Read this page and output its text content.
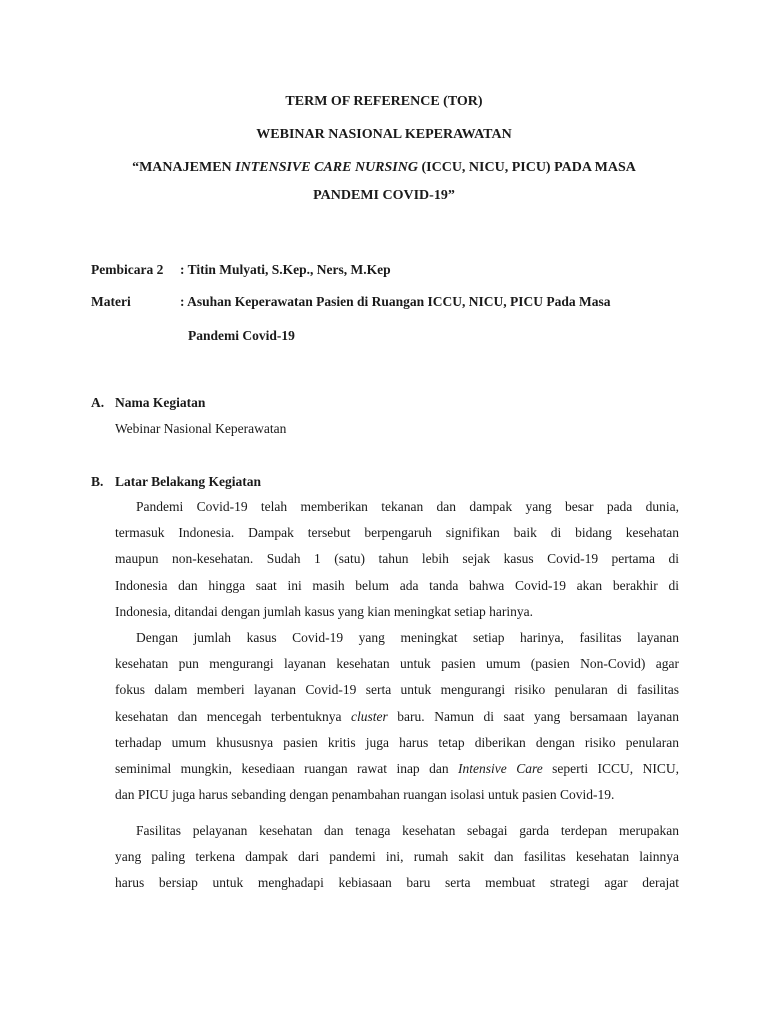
TERM OF REFERENCE (TOR)
WEBINAR NASIONAL KEPERAWATAN
“MANAJEMEN INTENSIVE CARE NURSING (ICCU, NICU, PICU) PADA MASA
PANDEMI COVID-19”
Pembicara 2 : Titin Mulyati, S.Kep., Ners, M.Kep
Materi	: Asuhan Keperawatan Pasien di Ruangan ICCU, NICU, PICU Pada Masa
Pandemi Covid-19
A. Nama Kegiatan
Webinar Nasional Keperawatan
B. Latar Belakang Kegiatan
Pandemi Covid-19 telah memberikan tekanan dan dampak yang besar pada dunia,
termasuk Indonesia. Dampak tersebut berpengaruh signifikan baik di bidang kesehatan
maupun non-kesehatan. Sudah 1 (satu) tahun lebih sejak kasus Covid-19 pertama di
Indonesia dan hingga saat ini masih belum ada tanda bahwa Covid-19 akan berakhir di
Indonesia, ditandai dengan jumlah kasus yang kian meningkat setiap harinya.
Dengan jumlah kasus Covid-19 yang meningkat setiap harinya, fasilitas layanan
kesehatan pun mengurangi layanan kesehatan untuk pasien umum (pasien Non-Covid) agar
fokus dalam memberi layanan Covid-19 serta untuk mengurangi risiko penularan di fasilitas
kesehatan dan mencegah terbentuknya cluster baru. Namun di saat yang bersamaan layanan
terhadap umum khususnya pasien kritis juga harus tetap diberikan dengan risiko penularan
seminimal mungkin, kesediaan ruangan rawat inap dan Intensive Care seperti ICCU, NICU,
dan PICU juga harus sebanding dengan penambahan ruangan isolasi untuk pasien Covid-19.
Fasilitas pelayanan kesehatan dan tenaga kesehatan sebagai garda terdepan merupakan
yang paling terkena dampak dari pandemi ini, rumah sakit dan fasilitas kesehatan lainnya
harus bersiap untuk menghadapi kebiasaan baru serta membuat strategi agar derajat
